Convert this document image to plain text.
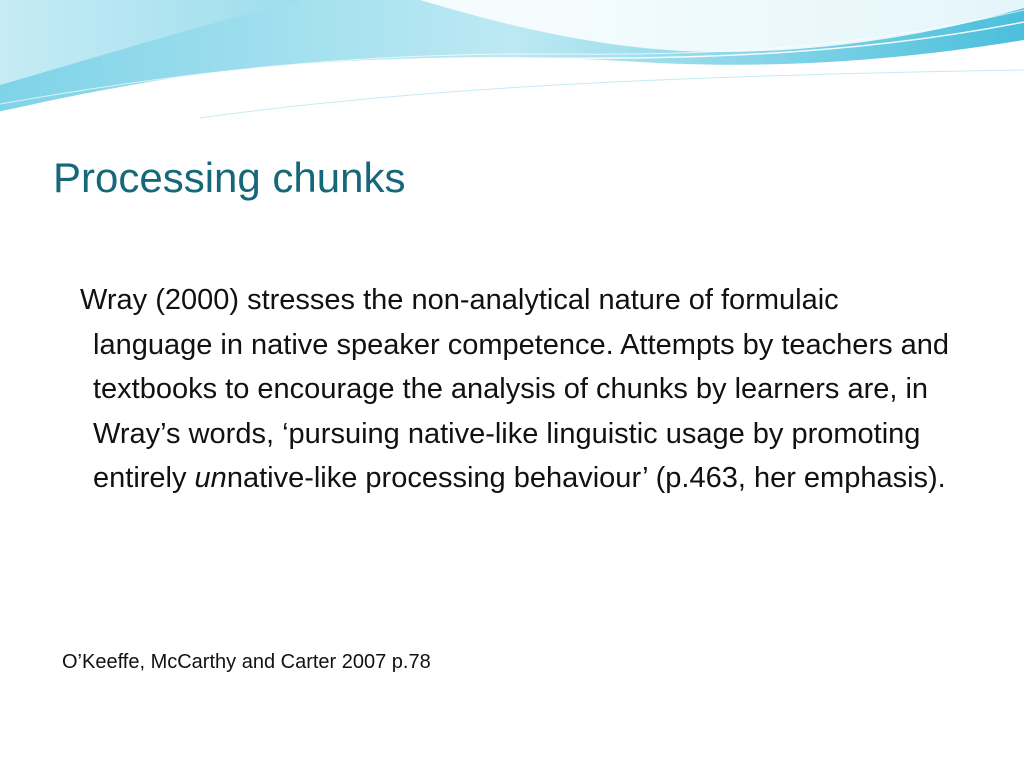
Processing chunks

Wray (2000) stresses the non-analytical nature of formulaic language in native speaker competence. Attempts by teachers and textbooks to encourage the analysis of chunks by learners are, in Wray’s words, ‘pursuing native-like linguistic usage by promoting entirely unnative-like processing behaviour’ (p.463, her emphasis).

O’Keeffe, McCarthy and Carter 2007 p.78
